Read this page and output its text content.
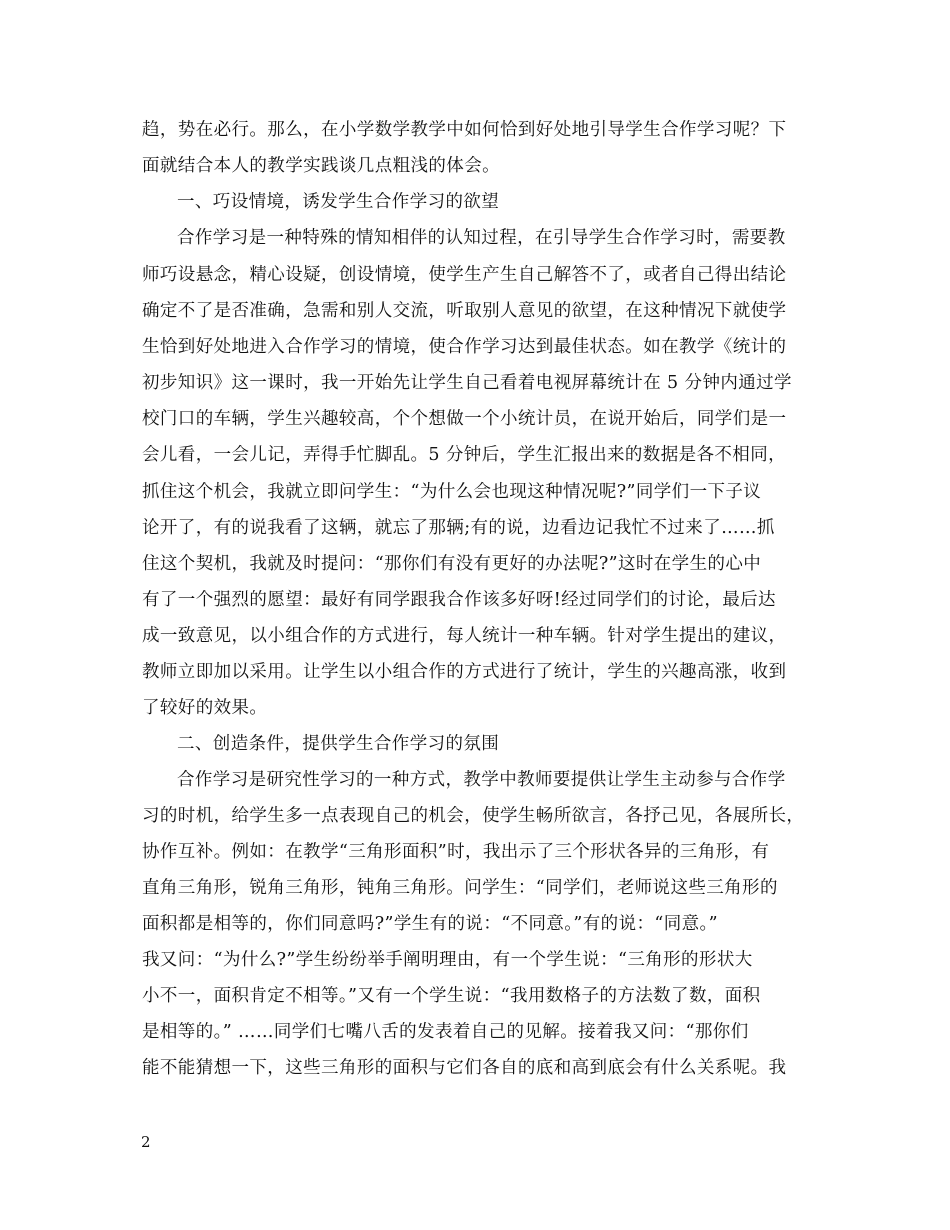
趋，势在必行。那么，在小学数学教学中如何恰到好处地引导学生合作学习呢？下
面就结合本人的教学实践谈几点粗浅的体会。
一、巧设情境，诱发学生合作学习的欲望
合作学习是一种特殊的情知相伴的认知过程，在引导学生合作学习时，需要教
师巧设悬念，精心设疑，创设情境，使学生产生自己解答不了，或者自己得出结论
确定不了是否准确，急需和别人交流，听取别人意见的欲望，在这种情况下就使学
生恰到好处地进入合作学习的情境，使合作学习达到最佳状态。如在教学《统计的
初步知识》这一课时，我一开始先让学生自己看着电视屏幕统计在 5 分钟内通过学
校门口的车辆，学生兴趣较高，个个想做一个小统计员，在说开始后，同学们是一
会儿看，一会儿记，弄得手忙脚乱。5 分钟后，学生汇报出来的数据是各不相同，
抓住这个机会，我就立即问学生：“为什么会也现这种情况呢?”同学们一下子议
论开了，有的说我看了这辆，就忘了那辆;有的说，边看边记我忙不过来了……抓
住这个契机，我就及时提问：“那你们有没有更好的办法呢?”这时在学生的心中
有了一个强烈的愿望：最好有同学跟我合作该多好呀!经过同学们的讨论，最后达
成一致意见，以小组合作的方式进行，每人统计一种车辆。针对学生提出的建议，
教师立即加以采用。让学生以小组合作的方式进行了统计，学生的兴趣高涨，收到
了较好的效果。
二、创造条件，提供学生合作学习的氛围
合作学习是研究性学习的一种方式，教学中教师要提供让学生主动参与合作学
习的时机，给学生多一点表现自己的机会，使学生畅所欲言，各抒己见，各展所长，
协作互补。例如：在教学“三角形面积”时，我出示了三个形状各异的三角形，有
直角三角形，锐角三角形，钝角三角形。问学生：“同学们，老师说这些三角形的
面积都是相等的，你们同意吗?”学生有的说：“不同意。”有的说：“同意。”
我又问：“为什么?”学生纷纷举手阐明理由，有一个学生说：“三角形的形状大
小不一，面积肯定不相等。”又有一个学生说：“我用数格子的方法数了数，面积
是相等的。” ……同学们七嘴八舌的发表着自己的见解。接着我又问：“那你们
能不能猜想一下，这些三角形的面积与它们各自的底和高到底会有什么关系呢。我
2
